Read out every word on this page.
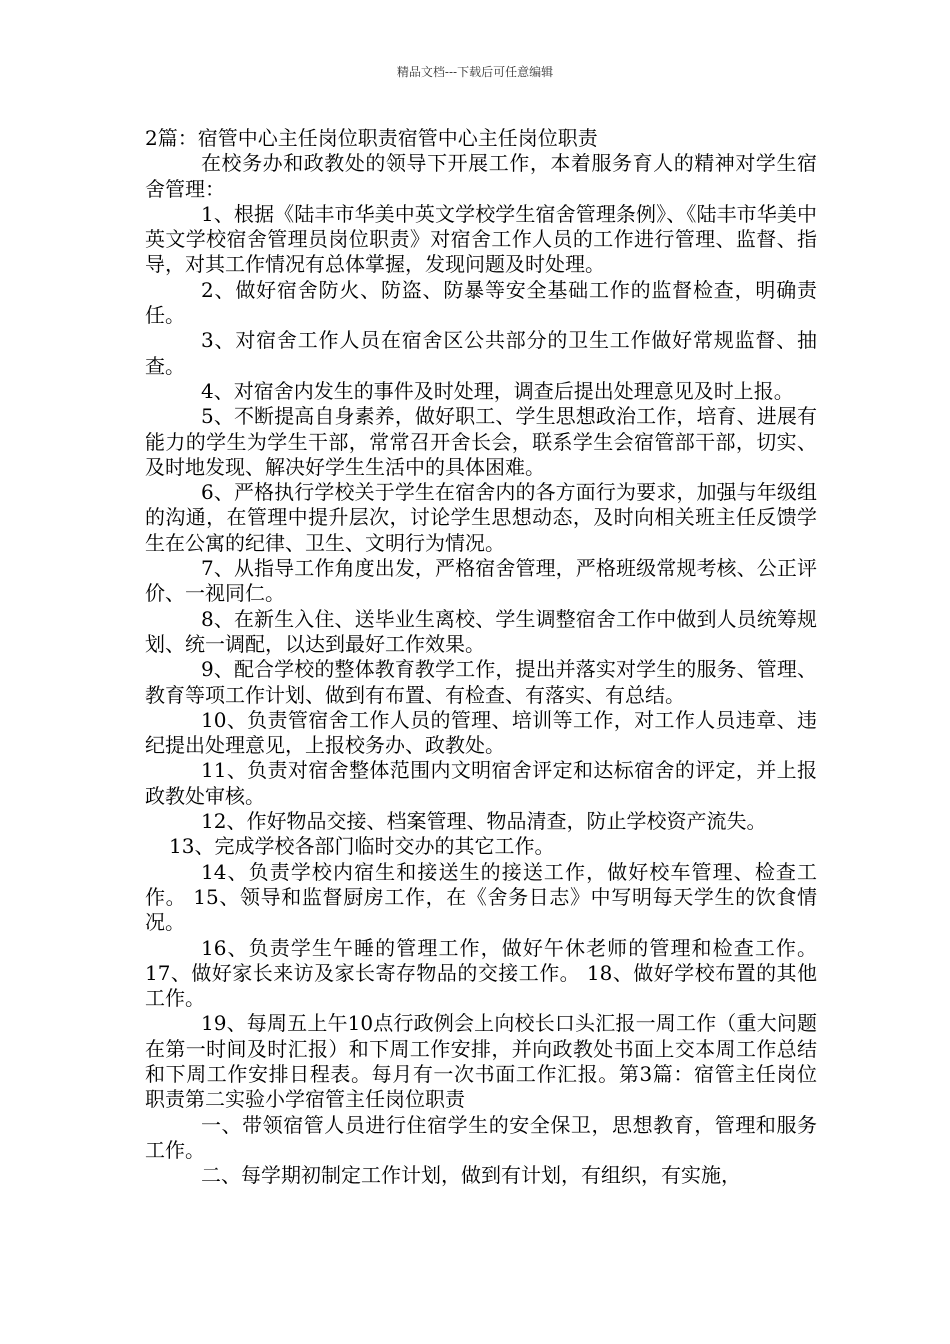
精品文档---下载后可任意编辑

2篇：宿管中心主任岗位职责宿管中心主任岗位职责

在校务办和政教处的领导下开展工作，本着服务育人的精神对学生宿舍管理：

1、根据《陆丰市华美中英文学校学生宿舍管理条例》、《陆丰市华美中英文学校宿舍管理员岗位职责》对宿舍工作人员的工作进行管理、监督、指导，对其工作情况有总体掌握，发现问题及时处理。

2、做好宿舍防火、防盗、防暴等安全基础工作的监督检查，明确责任。

3、对宿舍工作人员在宿舍区公共部分的卫生工作做好常规监督、抽查。

4、对宿舍内发生的事件及时处理，调查后提出处理意见及时上报。

5、不断提高自身素养，做好职工、学生思想政治工作，培育、进展有能力的学生为学生干部，常常召开舍长会，联系学生会宿管部干部，切实、及时地发现、解决好学生生活中的具体困难。

6、严格执行学校关于学生在宿舍内的各方面行为要求，加强与年级组的沟通，在管理中提升层次，讨论学生思想动态，及时向相关班主任反馈学生在公寓的纪律、卫生、文明行为情况。

7、从指导工作角度出发，严格宿舍管理，严格班级常规考核、公正评价、一视同仁。

8、在新生入住、送毕业生离校、学生调整宿舍工作中做到人员统筹规划、统一调配，以达到最好工作效果。

9、配合学校的整体教育教学工作，提出并落实对学生的服务、管理、教育等项工作计划、做到有布置、有检查、有落实、有总结。

10、负责管宿舍工作人员的管理、培训等工作，对工作人员违章、违纪提出处理意见，上报校务办、政教处。

11、负责对宿舍整体范围内文明宿舍评定和达标宿舍的评定，并上报政教处审核。

12、作好物品交接、档案管理、物品清查，防止学校资产流失。

13、完成学校各部门临时交办的其它工作。

14、负责学校内宿生和接送生的接送工作，做好校车管理、检查工作。 15、领导和监督厨房工作，在《舍务日志》中写明每天学生的饮食情况。

16、负责学生午睡的管理工作，做好午休老师的管理和检查工作。 17、做好家长来访及家长寄存物品的交接工作。 18、做好学校布置的其他工作。

19、每周五上午10点行政例会上向校长口头汇报一周工作（重大问题在第一时间及时汇报）和下周工作安排，并向政教处书面上交本周工作总结和下周工作安排日程表。每月有一次书面工作汇报。第3篇：宿管主任岗位职责第二实验小学宿管主任岗位职责

一、带领宿管人员进行住宿学生的安全保卫，思想教育，管理和服务工作。

二、每学期初制定工作计划，做到有计划，有组织，有实施，
